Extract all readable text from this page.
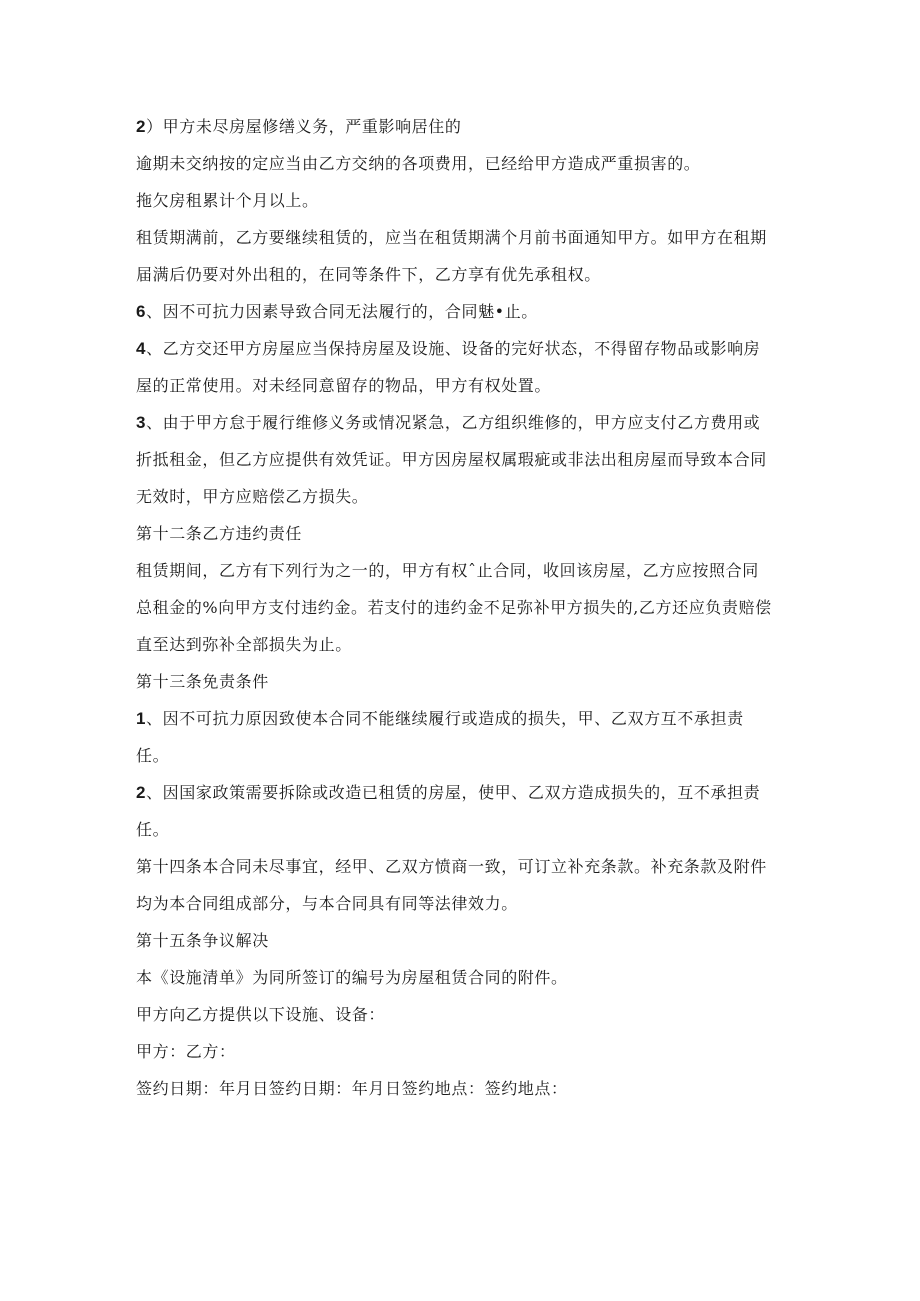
2）甲方未尽房屋修缮义务，严重影响居住的
逾期未交纳按的定应当由乙方交纳的各项费用，已经给甲方造成严重损害的。
拖欠房租累计个月以上。
租赁期满前，乙方要继续租赁的，应当在租赁期满个月前书面通知甲方。如甲方在租期
届满后仍要对外出租的，在同等条件下，乙方享有优先承租权。
6、因不可抗力因素导致合同无法履行的，合同魅•止。
4、乙方交还甲方房屋应当保持房屋及设施、设备的完好状态，不得留存物品或影响房
屋的正常使用。对未经同意留存的物品，甲方有权处置。
3、由于甲方怠于履行维修义务或情况紧急，乙方组织维修的，甲方应支付乙方费用或
折抵租金，但乙方应提供有效凭证。甲方因房屋权属瑕疵或非法出租房屋而导致本合同
无效时，甲方应赔偿乙方损失。
第十二条乙方违约责任
租赁期间，乙方有下列行为之一的，甲方有权ˆ止合同，收回该房屋，乙方应按照合同
总租金的%向甲方支付违约金。若支付的违约金不足弥补甲方损失的,乙方还应负责赔偿
直至达到弥补全部损失为止。
第十三条免责条件
1、因不可抗力原因致使本合同不能继续履行或造成的损失，甲、乙双方互不承担责
任。
2、因国家政策需要拆除或改造已租赁的房屋，使甲、乙双方造成损失的，互不承担责
任。
第十四条本合同未尽事宜，经甲、乙双方愤商一致，可订立补充条款。补充条款及附件
均为本合同组成部分，与本合同具有同等法律效力。
第十五条争议解决
本《设施清单》为同所签订的编号为房屋租赁合同的附件。
甲方向乙方提供以下设施、设备：
甲方：乙方：
签约日期：年月日签约日期：年月日签约地点：签约地点：
